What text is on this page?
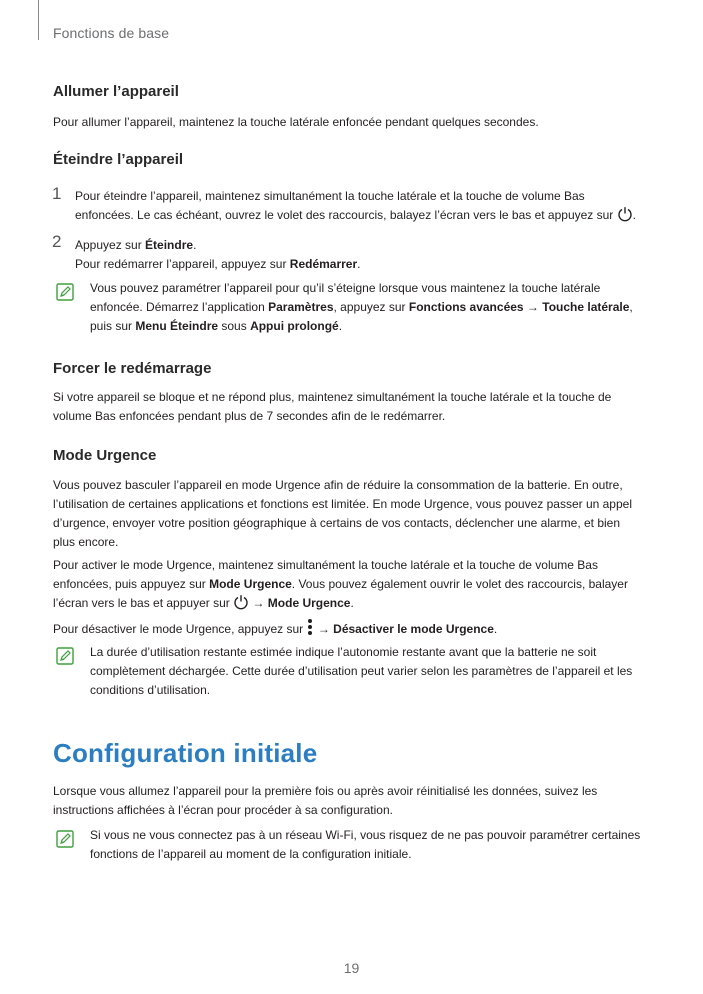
Fonctions de base
Allumer l’appareil

Pour allumer l’appareil, maintenez la touche latérale enfoncée pendant quelques secondes.

Éteindre l’appareil
1 Pour éteindre l’appareil, maintenez simultanément la touche latérale et la touche de volume Bas

enfoncées. Le cas échéant, ouvrez le volet des raccourcis, balayez l’écran vers le bas et appuyez sur .

2 Appuyez sur Éteindre.

Pour redémarrer l’appareil, appuyez sur Redémarrer.

Vous pouvez paramétrer l’appareil pour qu’il s’éteigne lorsque vous maintenez la touche latérale

enfoncée. Démarrez l’application Paramètres, appuyez sur Fonctions avancées → Touche latérale,

puis sur Menu Éteindre sous Appui prolongé.

Forcer le redémarrage

Si votre appareil se bloque et ne répond plus, maintenez simultanément la touche latérale et la touche de

volume Bas enfoncées pendant plus de 7 secondes afin de le redémarrer.

Mode Urgence

Vous pouvez basculer l’appareil en mode Urgence afin de réduire la consommation de la batterie. En outre,

l’utilisation de certaines applications et fonctions est limitée. En mode Urgence, vous pouvez passer un appel

d’urgence, envoyer votre position géographique à certains de vos contacts, déclencher une alarme, et bien

plus encore.

Pour activer le mode Urgence, maintenez simultanément la touche latérale et la touche de volume Bas

enfoncées, puis appuyez sur Mode Urgence. Vous pouvez également ouvrir le volet des raccourcis, balayer

l’écran vers le bas et appuyer sur  → Mode Urgence.

Pour désactiver le mode Urgence, appuyez sur  → Désactiver le mode Urgence.

La durée d’utilisation restante estimée indique l’autonomie restante avant que la batterie ne soit

complètement déchargée. Cette durée d’utilisation peut varier selon les paramètres de l’appareil et les

conditions d’utilisation.

Configuration initiale

Lorsque vous allumez l’appareil pour la première fois ou après avoir réinitialisé les données, suivez les

instructions affichées à l’écran pour procéder à sa configuration.

Si vous ne vous connectez pas à un réseau Wi-Fi, vous risquez de ne pas pouvoir paramétrer certaines

fonctions de l’appareil au moment de la configuration initiale.

19
